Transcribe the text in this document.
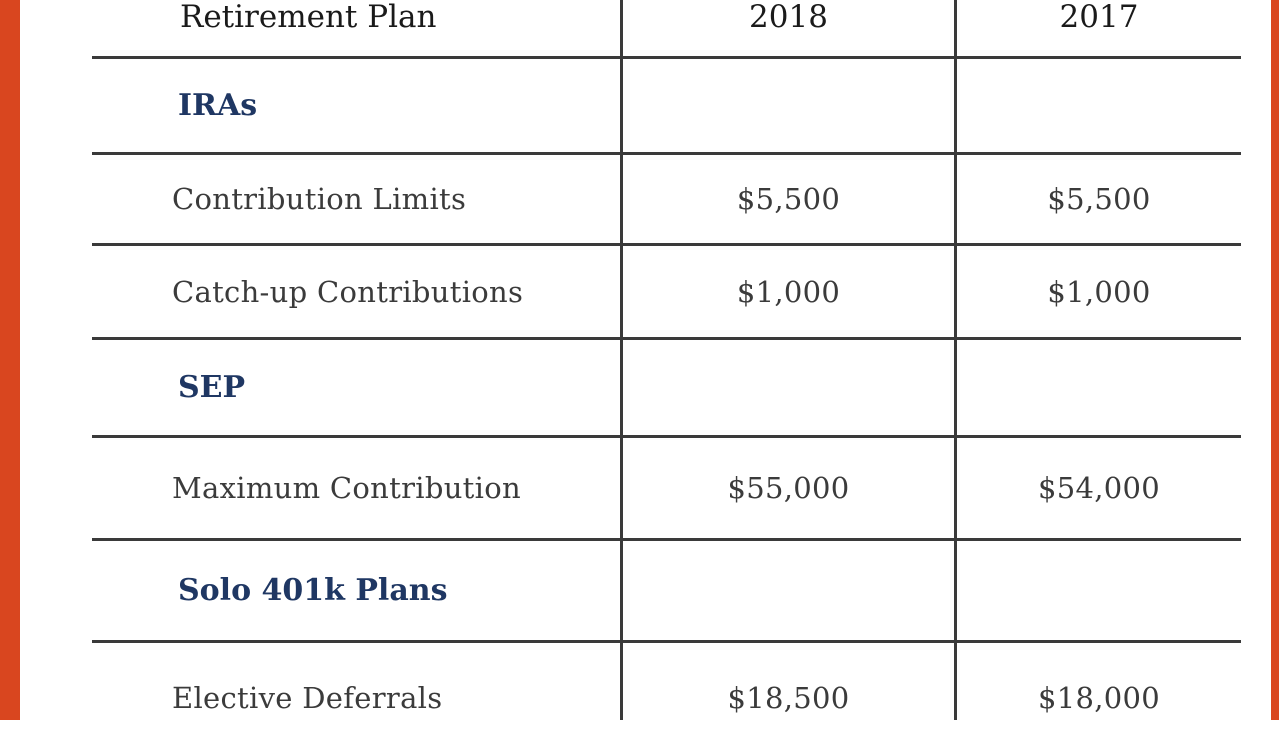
Retirement Plan	2018	2017
IRAs
Contribution Limits	$5,500	$5,500
Catch-up Contributions	$1,000	$1,000
SEP
Maximum Contribution	$55,000	$54,000
Solo 401k Plans
Elective Deferrals	$18,500	$18,000
